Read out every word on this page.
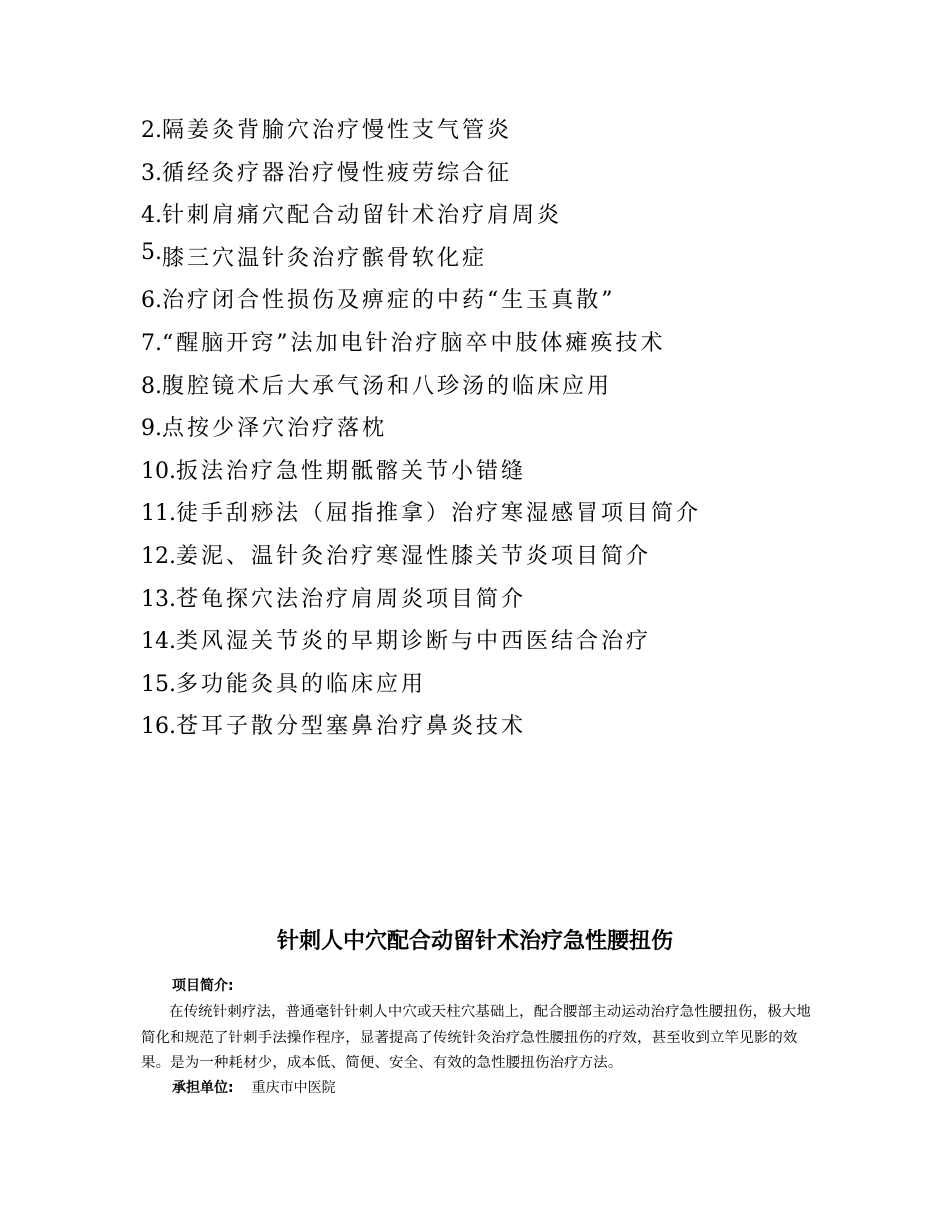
2.隔姜灸背腧穴治疗慢性支气管炎
3.循经灸疗器治疗慢性疲劳综合征
4.针刺肩痛穴配合动留针术治疗肩周炎
5.膝三穴温针灸治疗髌骨软化症
6.治疗闭合性损伤及痹症的中药“生玉真散”
7.“醒脑开窍”法加电针治疗脑卒中肢体瘫痪技术
8.腹腔镜术后大承气汤和八珍汤的临床应用
9.点按少泽穴治疗落枕
10.扳法治疗急性期骶髂关节小错缝
11.徒手刮痧法（屈指推拿）治疗寒湿感冒项目简介
12.姜泥、温针灸治疗寒湿性膝关节炎项目简介
13.苍龟探穴法治疗肩周炎项目简介
14.类风湿关节炎的早期诊断与中西医结合治疗
15.多功能灸具的临床应用
16.苍耳子散分型塞鼻治疗鼻炎技术
针刺人中穴配合动留针术治疗急性腰扭伤

项目简介:

在传统针刺疗法，普通毫针针刺人中穴或天柱穴基础上，配合腰部主动运动治疗急性腰扭伤，极大地简化和规范了针刺手法操作程序，显著提高了传统针灸治疗急性腰扭伤的疗效，甚至收到立竿见影的效果。是为一种耗材少，成本低、简便、安全、有效的急性腰扭伤治疗方法。

承担单位: 重庆市中医院
